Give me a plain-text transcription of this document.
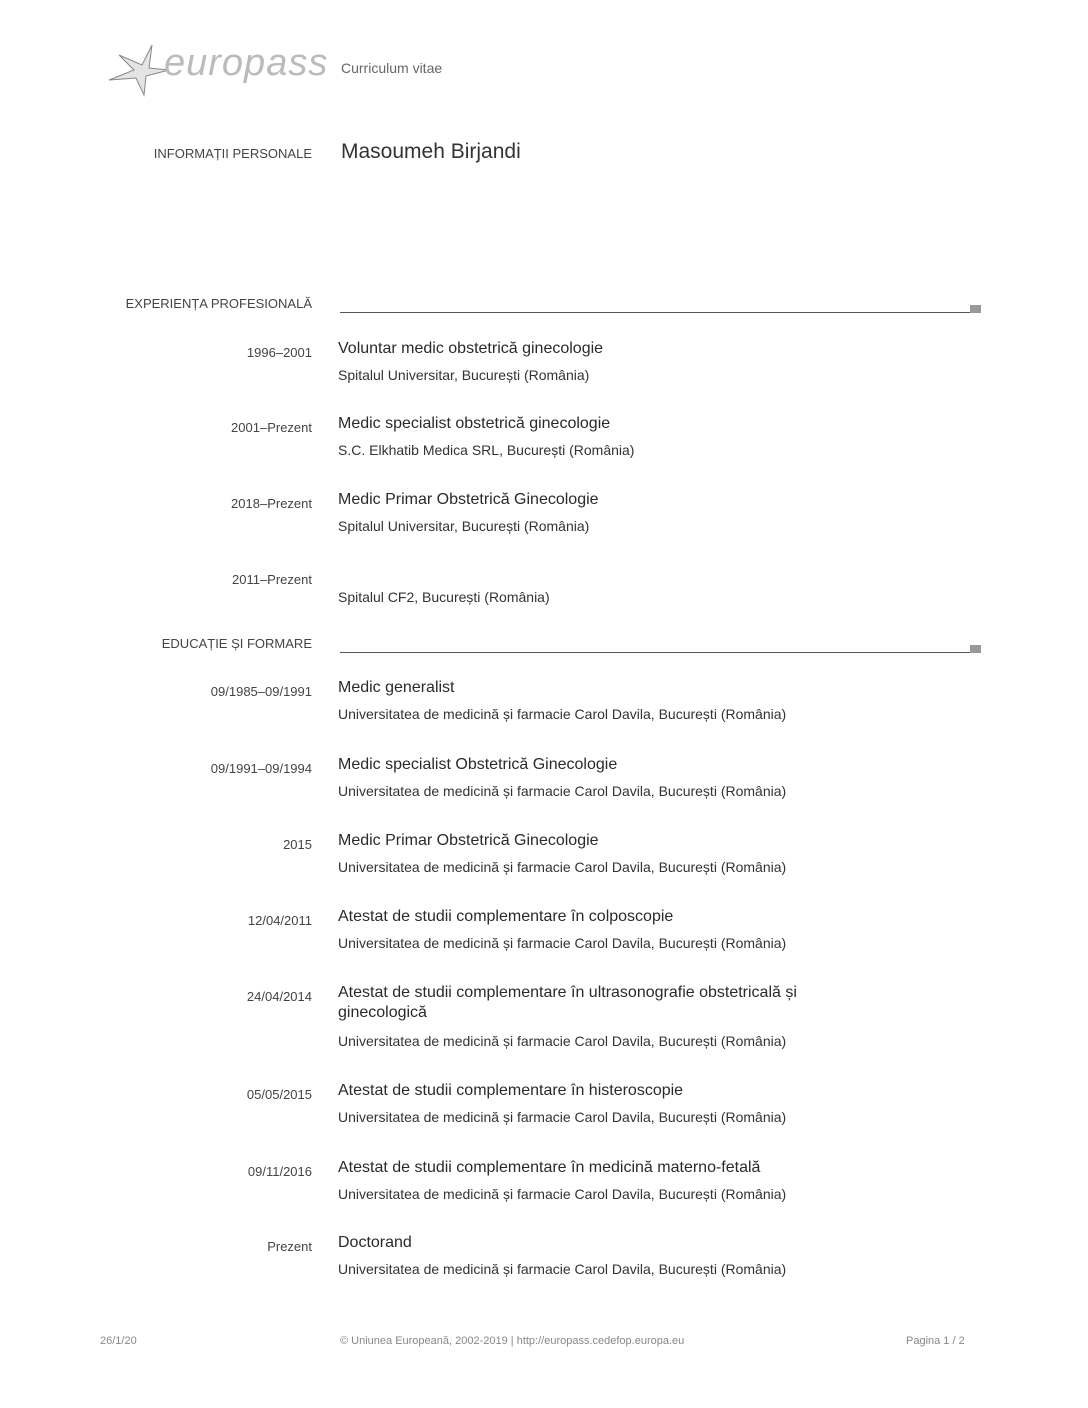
europass Curriculum vitae
INFORMAȚII PERSONALE Masoumeh Birjandi
EXPERIENȚA PROFESIONALĂ
1996–2001 Voluntar medic obstetrică ginecologie
Spitalul Universitar, București (România)
2001–Prezent Medic specialist obstetrică ginecologie
S.C. Elkhatib Medica SRL, București (România)
2018–Prezent Medic Primar Obstetrică Ginecologie
Spitalul Universitar, București (România)
2011–Prezent
Spitalul CF2, București (România)
EDUCAȚIE ȘI FORMARE
09/1985–09/1991 Medic generalist
Universitatea de medicină și farmacie Carol Davila, București (România)
09/1991–09/1994 Medic specialist Obstetrică Ginecologie
Universitatea de medicină și farmacie Carol Davila, București (România)
2015 Medic Primar Obstetrică Ginecologie
Universitatea de medicină și farmacie Carol Davila, București (România)
12/04/2011 Atestat de studii complementare în colposcopie
Universitatea de medicină și farmacie Carol Davila, București (România)
24/04/2014 Atestat de studii complementare în ultrasonografie obstetricală și ginecologică
Universitatea de medicină și farmacie Carol Davila, București (România)
05/05/2015 Atestat de studii complementare în histeroscopie
Universitatea de medicină și farmacie Carol Davila, București (România)
09/11/2016 Atestat de studii complementare în medicină materno-fetală
Universitatea de medicină și farmacie Carol Davila, București (România)
Prezent Doctorand
Universitatea de medicină și farmacie Carol Davila, București (România)
26/1/20	© Uniunea Europeană, 2002-2019 | http://europass.cedefop.europa.eu	Pagina 1 / 2
